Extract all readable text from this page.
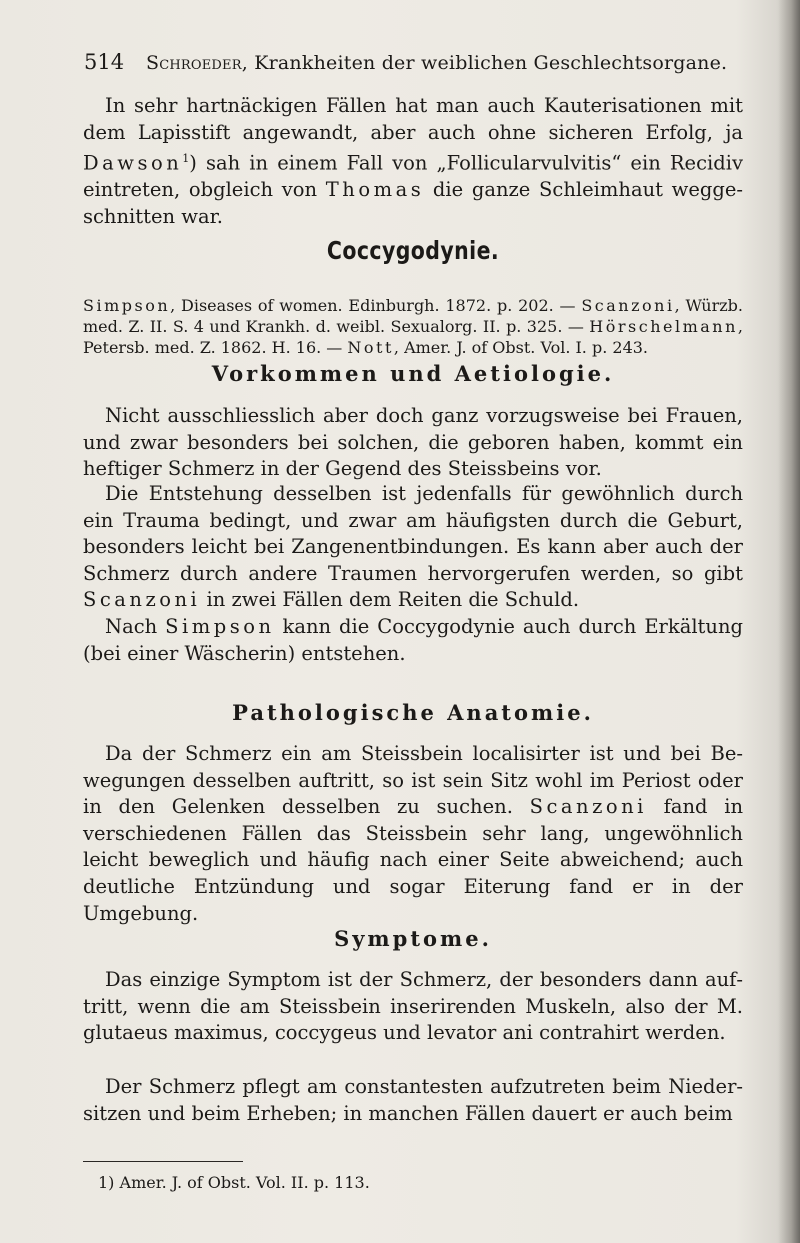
514 Schroeder, Krankheiten der weiblichen Geschlechtsorgane.

In sehr hartnäckigen Fällen hat man auch Kauterisationen mit dem Lapisstift angewandt, aber auch ohne sicheren Erfolg, ja Dawson$^1$) sah in einem Fall von „Follicularvulvitis“ ein Recidiv eintreten, obgleich von Thomas die ganze Schleimhaut weggeschnitten war.

Coccygodynie.

Simpson, Diseases of women. Edinburgh. 1872. p. 202. — Scanzoni, Würzb. med. Z. II. S. 4 und Krankh. d. weibl. Sexualorg. II. p. 325. — Hörschelmann, Petersb. med. Z. 1862. H. 16. — Nott, Amer. J. of Obst. Vol. I. p. 243.

Vorkommen und Aetiologie.

Nicht ausschliesslich aber doch ganz vorzugsweise bei Frauen, und zwar besonders bei solchen, die geboren haben, kommt ein heftiger Schmerz in der Gegend des Steissbeins vor.

Die Entstehung desselben ist jedenfalls für gewöhnlich durch ein Trauma bedingt, und zwar am häufigsten durch die Geburt, besonders leicht bei Zangenentbindungen. Es kann aber auch der Schmerz durch andere Traumen hervorgerufen werden, so gibt Scanzoni in zwei Fällen dem Reiten die Schuld.

Nach Simpson kann die Coccygodynie auch durch Erkältung (bei einer Wäscherin) entstehen.

Pathologische Anatomie.

Da der Schmerz ein am Steissbein localisirter ist und bei Bewegungen desselben auftritt, so ist sein Sitz wohl im Periost oder in den Gelenken desselben zu suchen. Scanzoni fand in verschiedenen Fällen das Steissbein sehr lang, ungewöhnlich leicht beweglich und häufig nach einer Seite abweichend; auch deutliche Entzündung und sogar Eiterung fand er in der Umgebung.

Symptome.

Das einzige Symptom ist der Schmerz, der besonders dann auftritt, wenn die am Steissbein inserirenden Muskeln, also der M. glutaeus maximus, coccygeus und levator ani contrahirt werden.

Der Schmerz pflegt am constantesten aufzutreten beim Niedersitzen und beim Erheben; in manchen Fällen dauert er auch beim

1) Amer. J. of Obst. Vol. II. p. 113.
